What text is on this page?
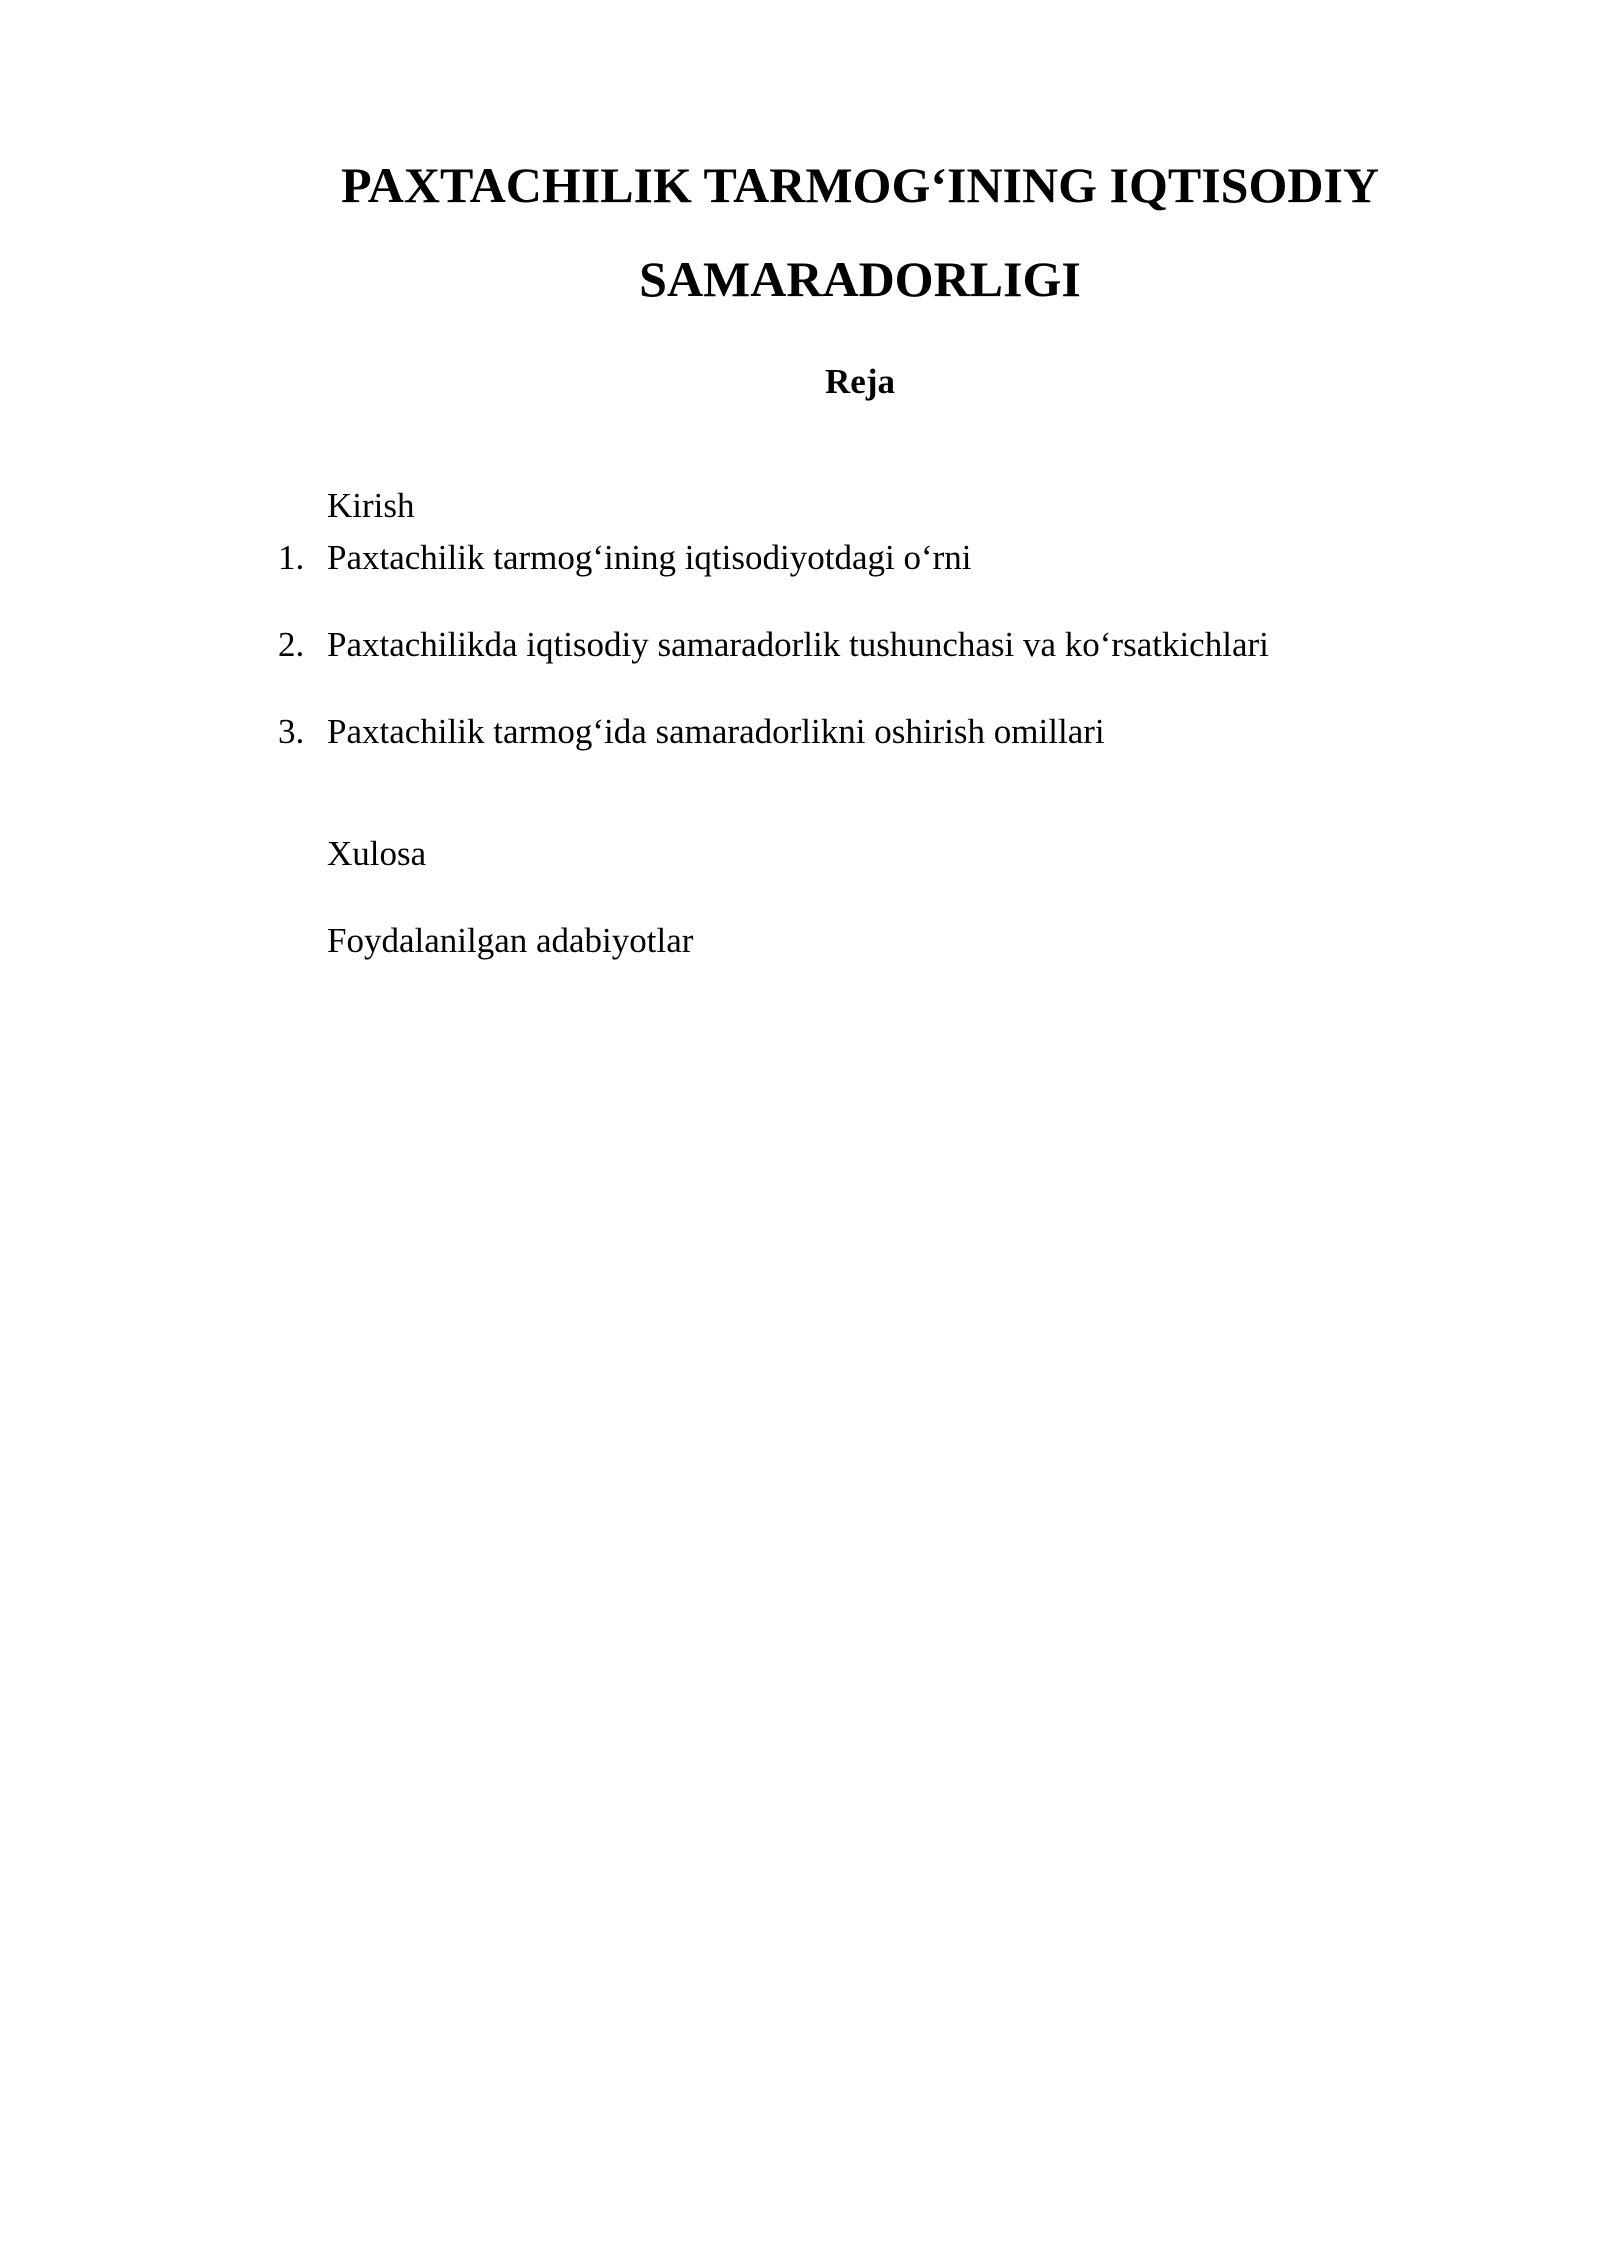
PAXTACHILIK TARMOG‘INING IQTISODIY
SAMARADORLIGI
Reja

Kirish

1. Paxtachilik tarmog‘ining iqtisodiyotdagi o‘rni
2. Paxtachilikda iqtisodiy samaradorlik tushunchasi va ko‘rsatkichlari
3. Paxtachilik tarmog‘ida samaradorlikni oshirish omillari

Xulosa

Foydalanilgan adabiyotlar
